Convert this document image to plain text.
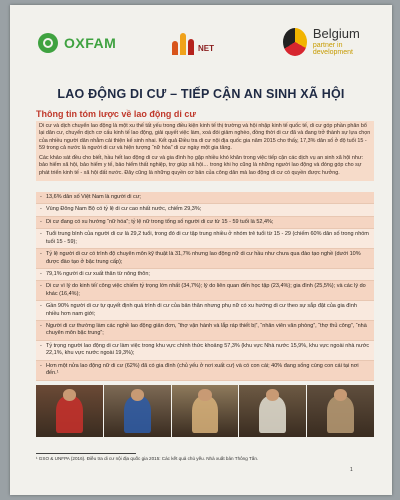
OXFAM	NET
Belgium
partner in development
LAO ĐỘNG DI CƯ – TIẾP CẬN AN SINH XÃ HỘI
Thông tin tóm lược về lao động di cư

Di cư và dịch chuyển lao động là một xu thế tất yếu trong điều kiện kinh tế thị trường và hội nhập kinh tế quốc tế, di cư góp phần phân bổ lại dân cư, chuyển dịch cơ cấu kinh tế lao động, giải quyết việc làm, xoá đói giảm nghèo, đồng thời di cư đã và đang trở thành sự lựa chọn của nhiều người dân nhằm cải thiện kế sinh nhai. Kết quả Điều tra di cư nội địa quốc gia năm 2015 cho thấy, 17,3% dân số ở độ tuổi 15 - 59 trong cả nước là người di cư và hiện tượng “nữ hóa” di cư ngày một gia tăng.

Các khảo sát đều cho biết, hầu hết lao động di cư và gia đình họ gặp nhiều khó khăn trong việc tiếp cận các dịch vụ an sinh xã hội như: bảo hiểm xã hội, bảo hiểm y tế, bảo hiểm thất nghiệp, trợ giúp xã hội… trong khi họ cũng là những người lao động và đóng góp cho sự phát triển kinh tế - xã hội đất nước. Đây cũng là những quyền cơ bản của công dân mà lao động di cư có quyền được hưởng.

- 13,6% dân số Việt Nam là người di cư;
- Vùng Đông Nam Bộ có tỷ lệ di cư cao nhất nước, chiếm 29,3%;
- Di cư đang có xu hướng “nữ hóa”; tỷ lệ nữ trong tổng số người di cư từ 15 - 59 tuổi là 52,4%;
- Tuổi trung bình của người di cư là 29,2 tuổi, trong đó di cư tập trung nhiều ở nhóm trẻ tuổi từ 15 - 29 (chiếm 60% dân số trong nhóm tuổi 15 - 59);
- Tỷ lệ người di cư có trình độ chuyên môn kỹ thuật là 31,7% nhưng lao động nữ di cư hầu như chưa qua đào tạo nghề (dưới 10% được đào tạo ở bậc trung cấp);
- 79,1% người di cư xuất thân từ nông thôn;
- Di cư vì lý do kinh tế/ công việc chiếm tỷ trọng lớn nhất (34,7%); lý do liên quan đến học tập (23,4%); gia đình (25,5%); và các lý do khác (16,4%);
- Gần 90% người di cư tự quyết định quá trình di cư của bản thân nhưng phụ nữ có xu hướng di cư theo sự sắp đặt của gia đình nhiều hơn nam giới;
- Người di cư thường làm các nghề lao động giản đơn, “thợ vận hành và lắp ráp thiết bị”, “nhân viên văn phòng”, “thợ thủ công”, “nhà chuyên môn bậc trung”;
- Tỷ trọng người lao động di cư làm việc trong khu vực chính thức khoảng 57,3% (khu vực Nhà nước 15,9%, khu vực ngoài nhà nước 22,1%, khu vực nước ngoài 19,3%);
- Hơn một nửa lao động nữ di cư (62%) đã có gia đình (chủ yếu ở nơi xuất cư) và có con cái; 40% đang sống cùng con cái tại nơi đến.¹
¹ GSO & UNFPA (2016). Điều tra di cư nội địa quốc gia 2015: Các kết quả chủ yếu. Nhà xuất bản Thông Tấn.
1
